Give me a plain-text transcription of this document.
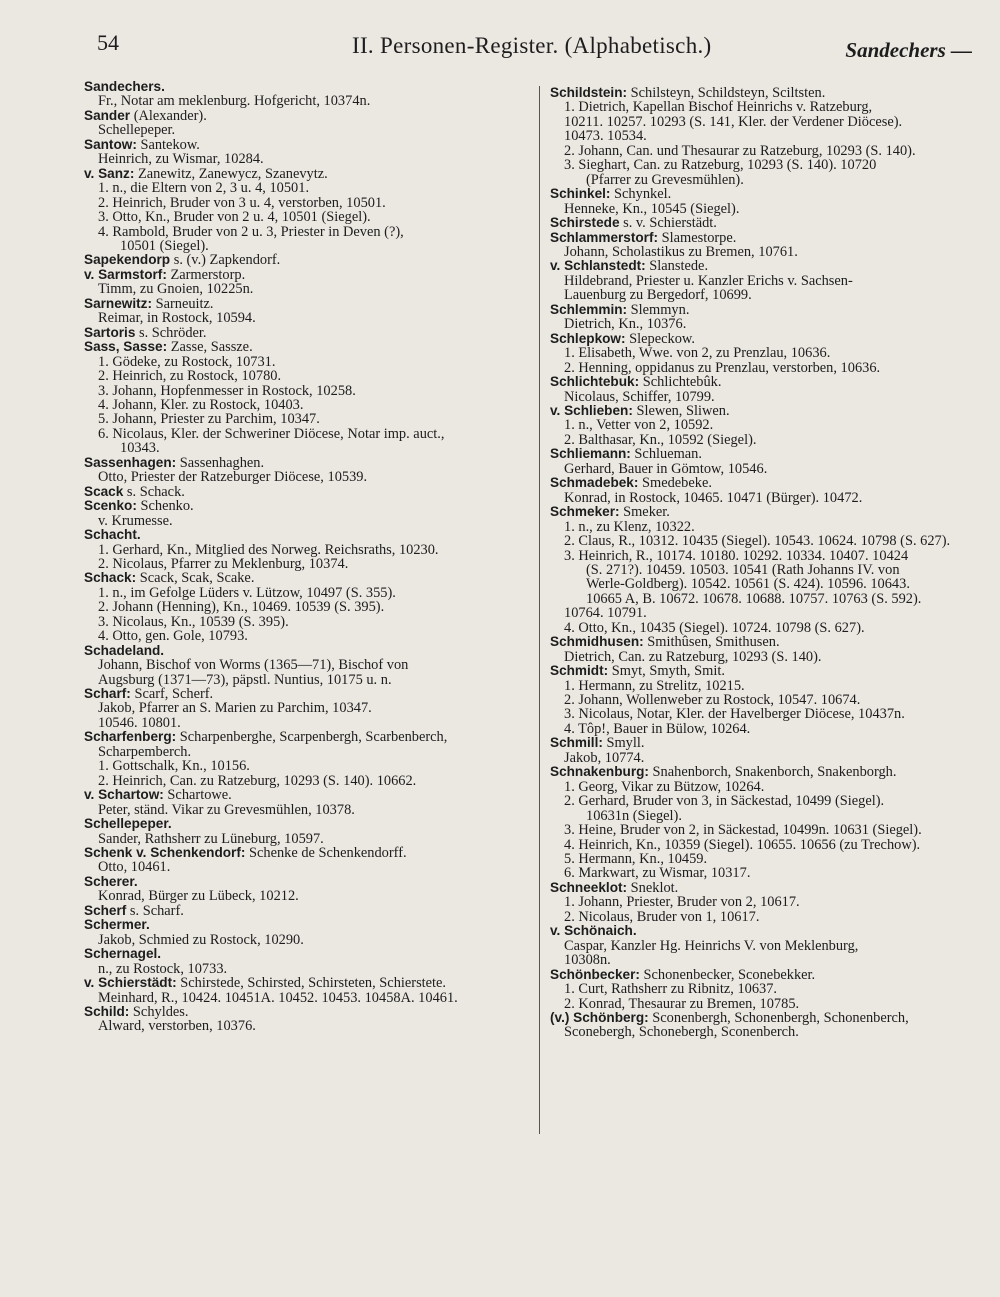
54	II. Personen-Register. (Alphabetisch.)	Sandechers —
Sandechers.
Fr., Notar am meklenburg. Hofgericht, 10374n.
Sander (Alexander).
Schellepeper.
Santow: Santekow.
Heinrich, zu Wismar, 10284.
v. Sanz: Zanewitz, Zanewycz, Szanevytz.
1. n., die Eltern von 2, 3 u. 4, 10501.
2. Heinrich, Bruder von 3 u. 4, verstorben, 10501.
3. Otto, Kn., Bruder von 2 u. 4, 10501 (Siegel).
4. Rambold, Bruder von 2 u. 3, Priester in Deven (?),
10501 (Siegel).
Sapekendorp s. (v.) Zapkendorf.
v. Sarmstorf: Zarmerstorp.
Timm, zu Gnoien, 10225n.
Sarnewitz: Sarneuitz.
Reimar, in Rostock, 10594.
Sartoris s. Schröder.
Sass, Sasse: Zasse, Sassze.
1. Gödeke, zu Rostock, 10731.
2. Heinrich, zu Rostock, 10780.
3. Johann, Hopfenmesser in Rostock, 10258.
4. Johann, Kler. zu Rostock, 10403.
5. Johann, Priester zu Parchim, 10347.
6. Nicolaus, Kler. der Schweriner Diöcese, Notar imp. auct.,
10343.
Sassenhagen: Sassenhaghen.
Otto, Priester der Ratzeburger Diöcese, 10539.
Scack s. Schack.
Scenko: Schenko.
v. Krumesse.
Schacht.
1. Gerhard, Kn., Mitglied des Norweg. Reichsraths, 10230.
2. Nicolaus, Pfarrer zu Meklenburg, 10374.
Schack: Scack, Scak, Scake.
1. n., im Gefolge Lüders v. Lützow, 10497 (S. 355).
2. Johann (Henning), Kn., 10469. 10539 (S. 395).
3. Nicolaus, Kn., 10539 (S. 395).
4. Otto, gen. Gole, 10793.
Schadeland.
Johann, Bischof von Worms (1365—71), Bischof von
Augsburg (1371—73), päpstl. Nuntius, 10175 u. n.
Scharf: Scarf, Scherf.
Jakob, Pfarrer an S. Marien zu Parchim, 10347.
10546. 10801.
Scharfenberg: Scharpenberghe, Scarpenbergh, Scarbenberch,
Scharpemberch.
1. Gottschalk, Kn., 10156.
2. Heinrich, Can. zu Ratzeburg, 10293 (S. 140). 10662.
v. Schartow: Schartowe.
Peter, ständ. Vikar zu Grevesmühlen, 10378.
Schellepeper.
Sander, Rathsherr zu Lüneburg, 10597.
Schenk v. Schenkendorf: Schenke de Schenkendorff.
Otto, 10461.
Scherer.
Konrad, Bürger zu Lübeck, 10212.
Scherf s. Scharf.
Schermer.
Jakob, Schmied zu Rostock, 10290.
Schernagel.
n., zu Rostock, 10733.
v. Schierstädt: Schirstede, Schirsted, Schirsteten, Schierstete.
Meinhard, R., 10424. 10451A. 10452. 10453. 10458A. 10461.
Schild: Schyldes.
Alward, verstorben, 10376.
Schildstein: Schilsteyn, Schildsteyn, Sciltsten.
1. Dietrich, Kapellan Bischof Heinrichs v. Ratzeburg,
10211. 10257. 10293 (S. 141, Kler. der Verdener Diöcese).
10473. 10534.
2. Johann, Can. und Thesaurar zu Ratzeburg, 10293 (S. 140).
3. Sieghart, Can. zu Ratzeburg, 10293 (S. 140). 10720
(Pfarrer zu Grevesmühlen).
Schinkel: Schynkel.
Henneke, Kn., 10545 (Siegel).
Schirstede s. v. Schierstädt.
Schlammerstorf: Slamestorpe.
Johann, Scholastikus zu Bremen, 10761.
v. Schlanstedt: Slanstede.
Hildebrand, Priester u. Kanzler Erichs v. Sachsen-
Lauenburg zu Bergedorf, 10699.
Schlemmin: Slemmyn.
Dietrich, Kn., 10376.
Schlepkow: Slepeckow.
1. Elisabeth, Wwe. von 2, zu Prenzlau, 10636.
2. Henning, oppidanus zu Prenzlau, verstorben, 10636.
Schlichtebuk: Schlichtebûk.
Nicolaus, Schiffer, 10799.
v. Schlieben: Slewen, Sliwen.
1. n., Vetter von 2, 10592.
2. Balthasar, Kn., 10592 (Siegel).
Schliemann: Schlueman.
Gerhard, Bauer in Gömtow, 10546.
Schmadebek: Smedebeke.
Konrad, in Rostock, 10465. 10471 (Bürger). 10472.
Schmeker: Smeker.
1. n., zu Klenz, 10322.
2. Claus, R., 10312. 10435 (Siegel). 10543. 10624. 10798 (S. 627).
3. Heinrich, R., 10174. 10180. 10292. 10334. 10407. 10424
(S. 271?). 10459. 10503. 10541 (Rath Johanns IV. von
Werle-Goldberg). 10542. 10561 (S. 424). 10596. 10643.
10665 A, B. 10672. 10678. 10688. 10757. 10763 (S. 592).
10764. 10791.
4. Otto, Kn., 10435 (Siegel). 10724. 10798 (S. 627).
Schmidhusen: Smithûsen, Smithusen.
Dietrich, Can. zu Ratzeburg, 10293 (S. 140).
Schmidt: Smyt, Smyth, Smit.
1. Hermann, zu Strelitz, 10215.
2. Johann, Wollenweber zu Rostock, 10547. 10674.
3. Nicolaus, Notar, Kler. der Havelberger Diöcese, 10437n.
4. Tôp!, Bauer in Bülow, 10264.
Schmill: Smyll.
Jakob, 10774.
Schnakenburg: Snahenborch, Snakenborch, Snakenborgh.
1. Georg, Vikar zu Bützow, 10264.
2. Gerhard, Bruder von 3, in Säckestad, 10499 (Siegel).
10631n (Siegel).
3. Heine, Bruder von 2, in Säckestad, 10499n. 10631 (Siegel).
4. Heinrich, Kn., 10359 (Siegel). 10655. 10656 (zu Trechow).
5. Hermann, Kn., 10459.
6. Markwart, zu Wismar, 10317.
Schneeklot: Sneklot.
1. Johann, Priester, Bruder von 2, 10617.
2. Nicolaus, Bruder von 1, 10617.
v. Schönaich.
Caspar, Kanzler Hg. Heinrichs V. von Meklenburg,
10308n.
Schönbecker: Schonenbecker, Sconebekker.
1. Curt, Rathsherr zu Ribnitz, 10637.
2. Konrad, Thesaurar zu Bremen, 10785.
(v.) Schönberg: Sconenbergh, Schonenbergh, Schonenberch,
Sconebergh, Schonebergh, Sconenberch.
